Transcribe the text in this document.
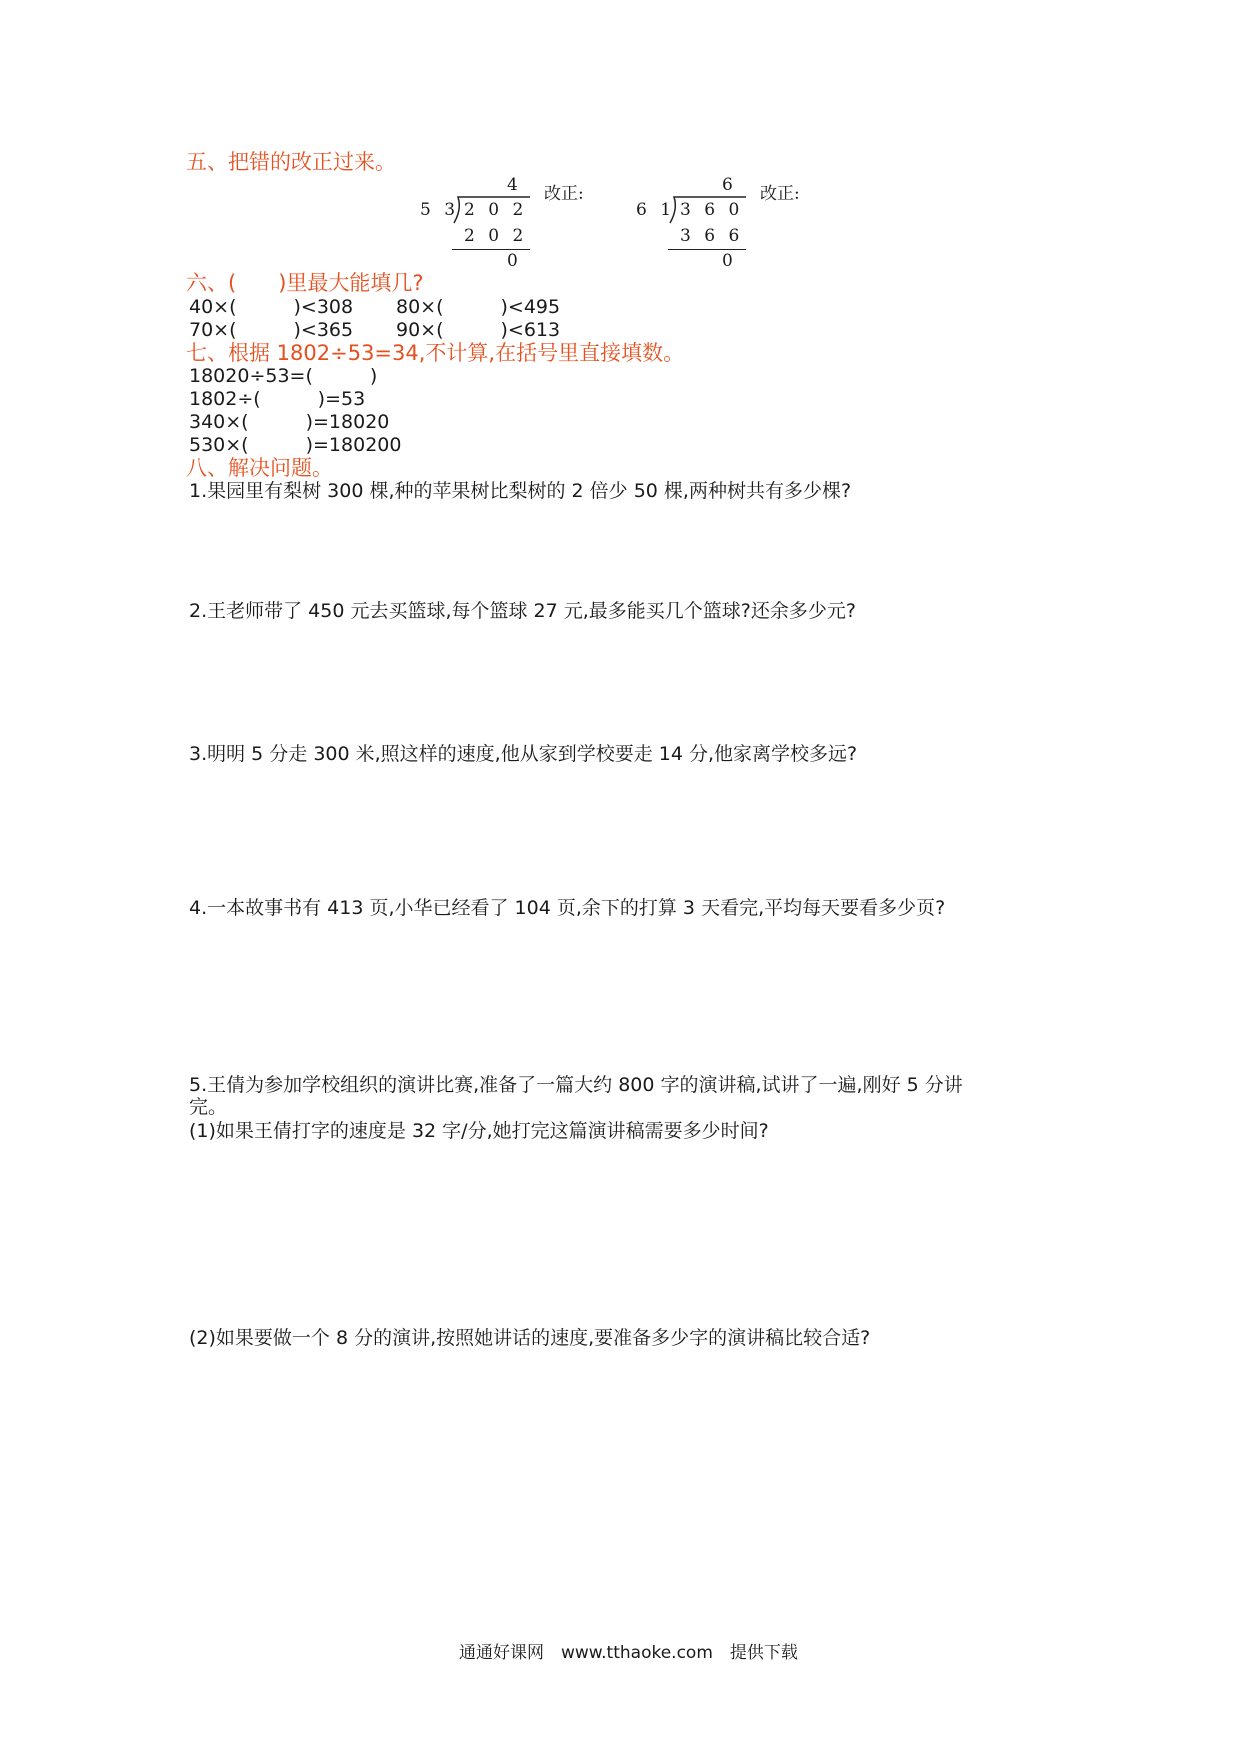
五、把错的改正过来。
4
5 3 2 0 2
2 0 2
0
改正:	6
6 1 3 6 0
3 6 6
0
改正:
六、(　　)里最大能填几?
40×(　　　)<308 80×(　　　)<495
70×(　　　)<365 90×(　　　)<613
七、根据 1802÷53=34,不计算,在括号里直接填数。
18020÷53=(　　　)
1802÷(　　　)=53
340×(　　　)=18020
530×(　　　)=180200
八、解决问题。
1.果园里有梨树 300 棵,种的苹果树比梨树的 2 倍少 50 棵,两种树共有多少棵?
2.王老师带了 450 元去买篮球,每个篮球 27 元,最多能买几个篮球?还余多少元?
3.明明 5 分走 300 米,照这样的速度,他从家到学校要走 14 分,他家离学校多远?
4.一本故事书有 413 页,小华已经看了 104 页,余下的打算 3 天看完,平均每天要看多少页?
5.王倩为参加学校组织的演讲比赛,准备了一篇大约 800 字的演讲稿,试讲了一遍,刚好 5 分讲
完。
(1)如果王倩打字的速度是 32 字/分,她打完这篇演讲稿需要多少时间?
(2)如果要做一个 8 分的演讲,按照她讲话的速度,要准备多少字的演讲稿比较合适?
通通好课网　www.tthaoke.com　提供下载
